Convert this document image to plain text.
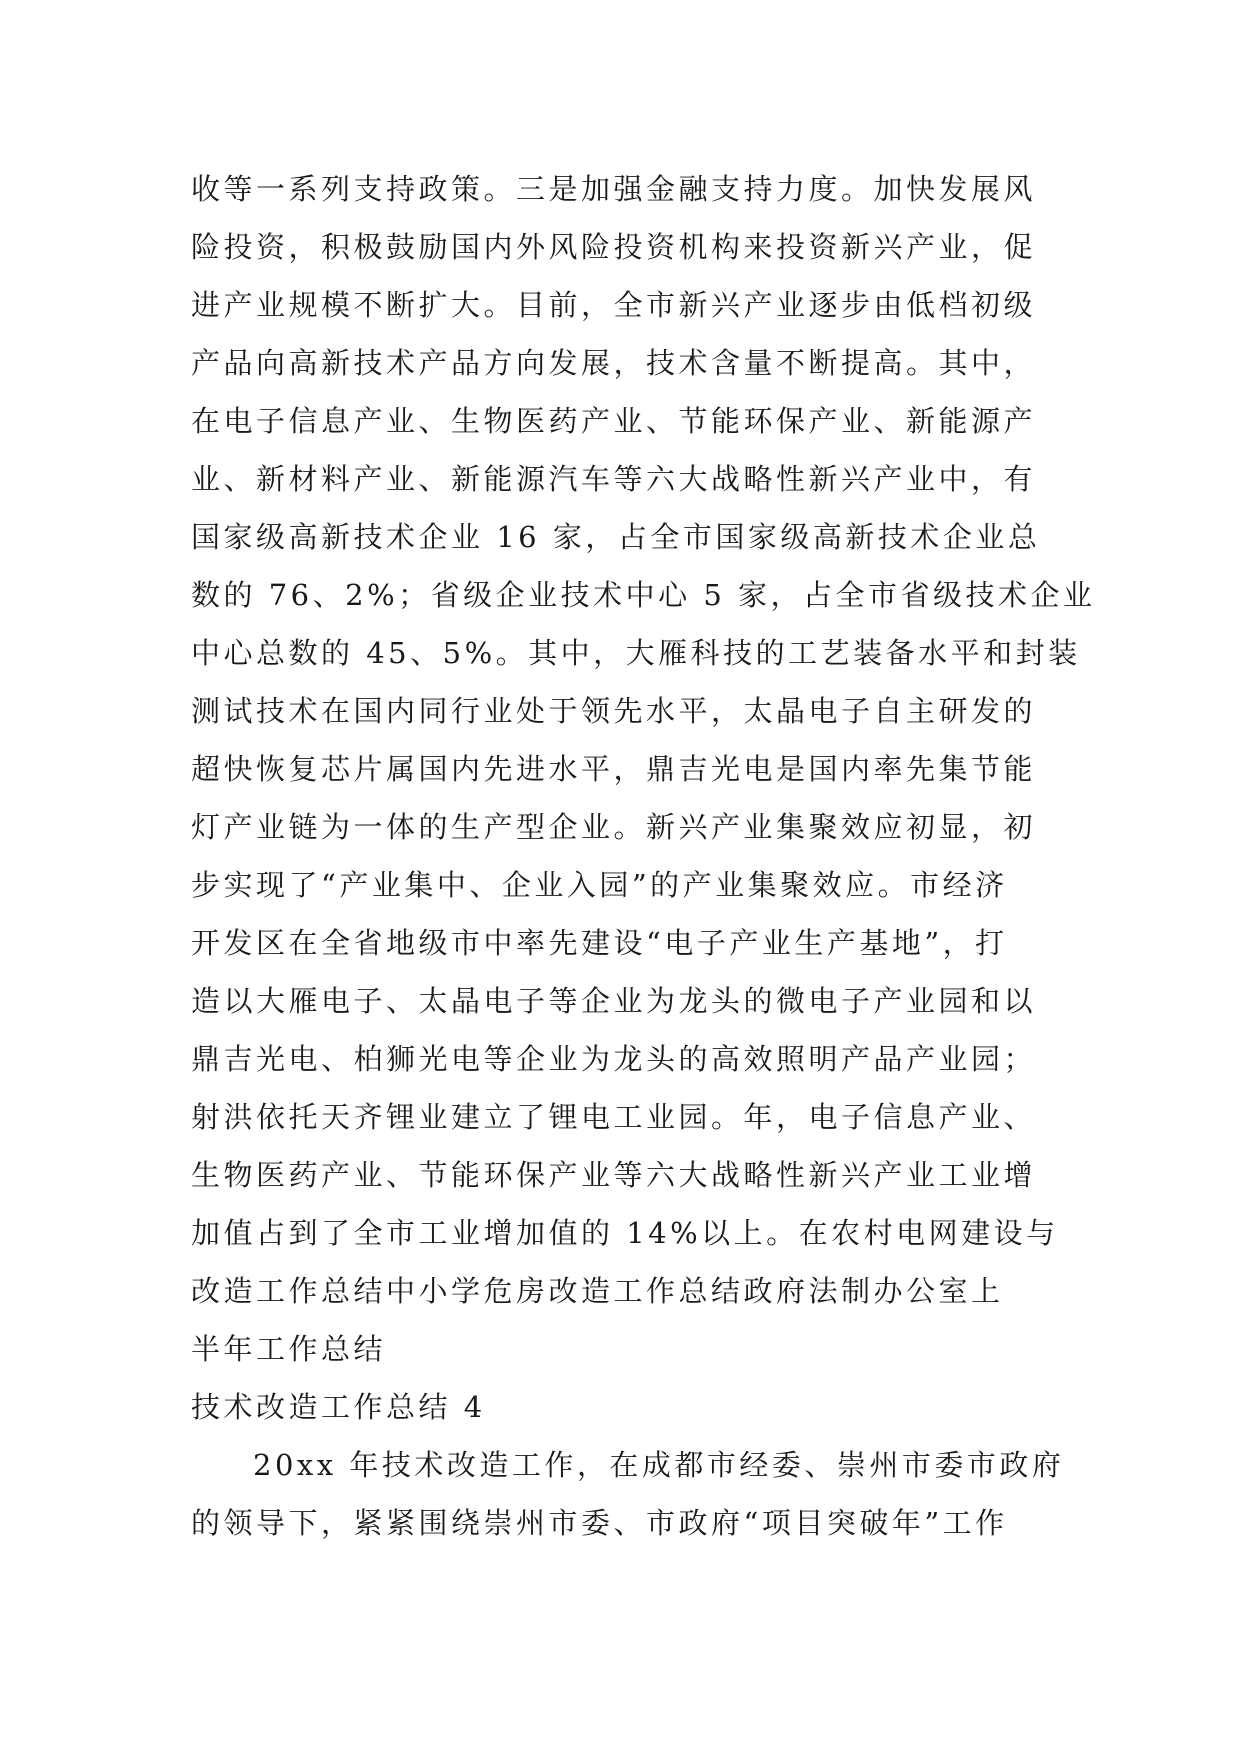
收等一系列支持政策。三是加强金融支持力度。加快发展风
险投资，积极鼓励国内外风险投资机构来投资新兴产业，促
进产业规模不断扩大。目前，全市新兴产业逐步由低档初级
产品向高新技术产品方向发展，技术含量不断提高。其中，
在电子信息产业、生物医药产业、节能环保产业、新能源产
业、新材料产业、新能源汽车等六大战略性新兴产业中，有
国家级高新技术企业 16 家，占全市国家级高新技术企业总
数的 76、2%；省级企业技术中心 5 家，占全市省级技术企业
中心总数的 45、5%。其中，大雁科技的工艺装备水平和封装
测试技术在国内同行业处于领先水平，太晶电子自主研发的
超快恢复芯片属国内先进水平，鼎吉光电是国内率先集节能
灯产业链为一体的生产型企业。新兴产业集聚效应初显，初
步实现了“产业集中、企业入园”的产业集聚效应。市经济
开发区在全省地级市中率先建设“电子产业生产基地”，打
造以大雁电子、太晶电子等企业为龙头的微电子产业园和以
鼎吉光电、柏狮光电等企业为龙头的高效照明产品产业园；
射洪依托天齐锂业建立了锂电工业园。年，电子信息产业、
生物医药产业、节能环保产业等六大战略性新兴产业工业增
加值占到了全市工业增加值的 14%以上。在农村电网建设与
改造工作总结中小学危房改造工作总结政府法制办公室上
半年工作总结
技术改造工作总结 4
20xx 年技术改造工作，在成都市经委、崇州市委市政府
的领导下，紧紧围绕崇州市委、市政府“项目突破年”工作
